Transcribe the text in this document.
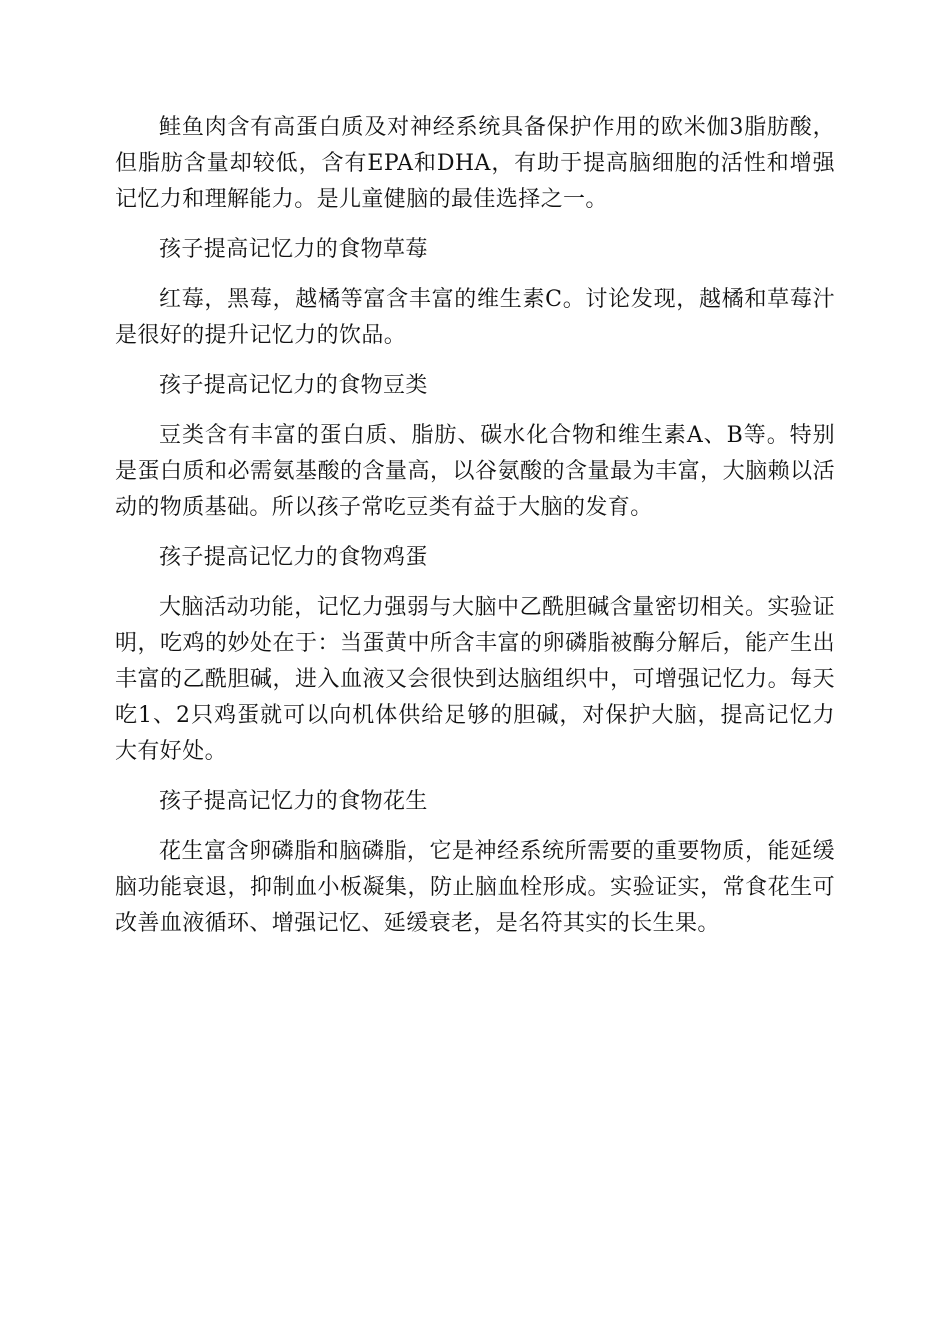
鲑鱼肉含有高蛋白质及对神经系统具备保护作用的欧米伽3脂肪酸，但脂肪含量却较低，含有EPA和DHA，有助于提高脑细胞的活性和增强记忆力和理解能力。是儿童健脑的最佳选择之一。

孩子提高记忆力的食物草莓

红莓，黑莓，越橘等富含丰富的维生素C。讨论发现，越橘和草莓汁是很好的提升记忆力的饮品。

孩子提高记忆力的食物豆类

豆类含有丰富的蛋白质、脂肪、碳水化合物和维生素A、B等。特别是蛋白质和必需氨基酸的含量高，以谷氨酸的含量最为丰富，大脑赖以活动的物质基础。所以孩子常吃豆类有益于大脑的发育。

孩子提高记忆力的食物鸡蛋

大脑活动功能，记忆力强弱与大脑中乙酰胆碱含量密切相关。实验证明，吃鸡的妙处在于：当蛋黄中所含丰富的卵磷脂被酶分解后，能产生出丰富的乙酰胆碱，进入血液又会很快到达脑组织中，可增强记忆力。每天吃1、2只鸡蛋就可以向机体供给足够的胆碱，对保护大脑，提高记忆力大有好处。

孩子提高记忆力的食物花生

花生富含卵磷脂和脑磷脂，它是神经系统所需要的重要物质，能延缓脑功能衰退，抑制血小板凝集，防止脑血栓形成。实验证实，常食花生可改善血液循环、增强记忆、延缓衰老，是名符其实的长生果。
